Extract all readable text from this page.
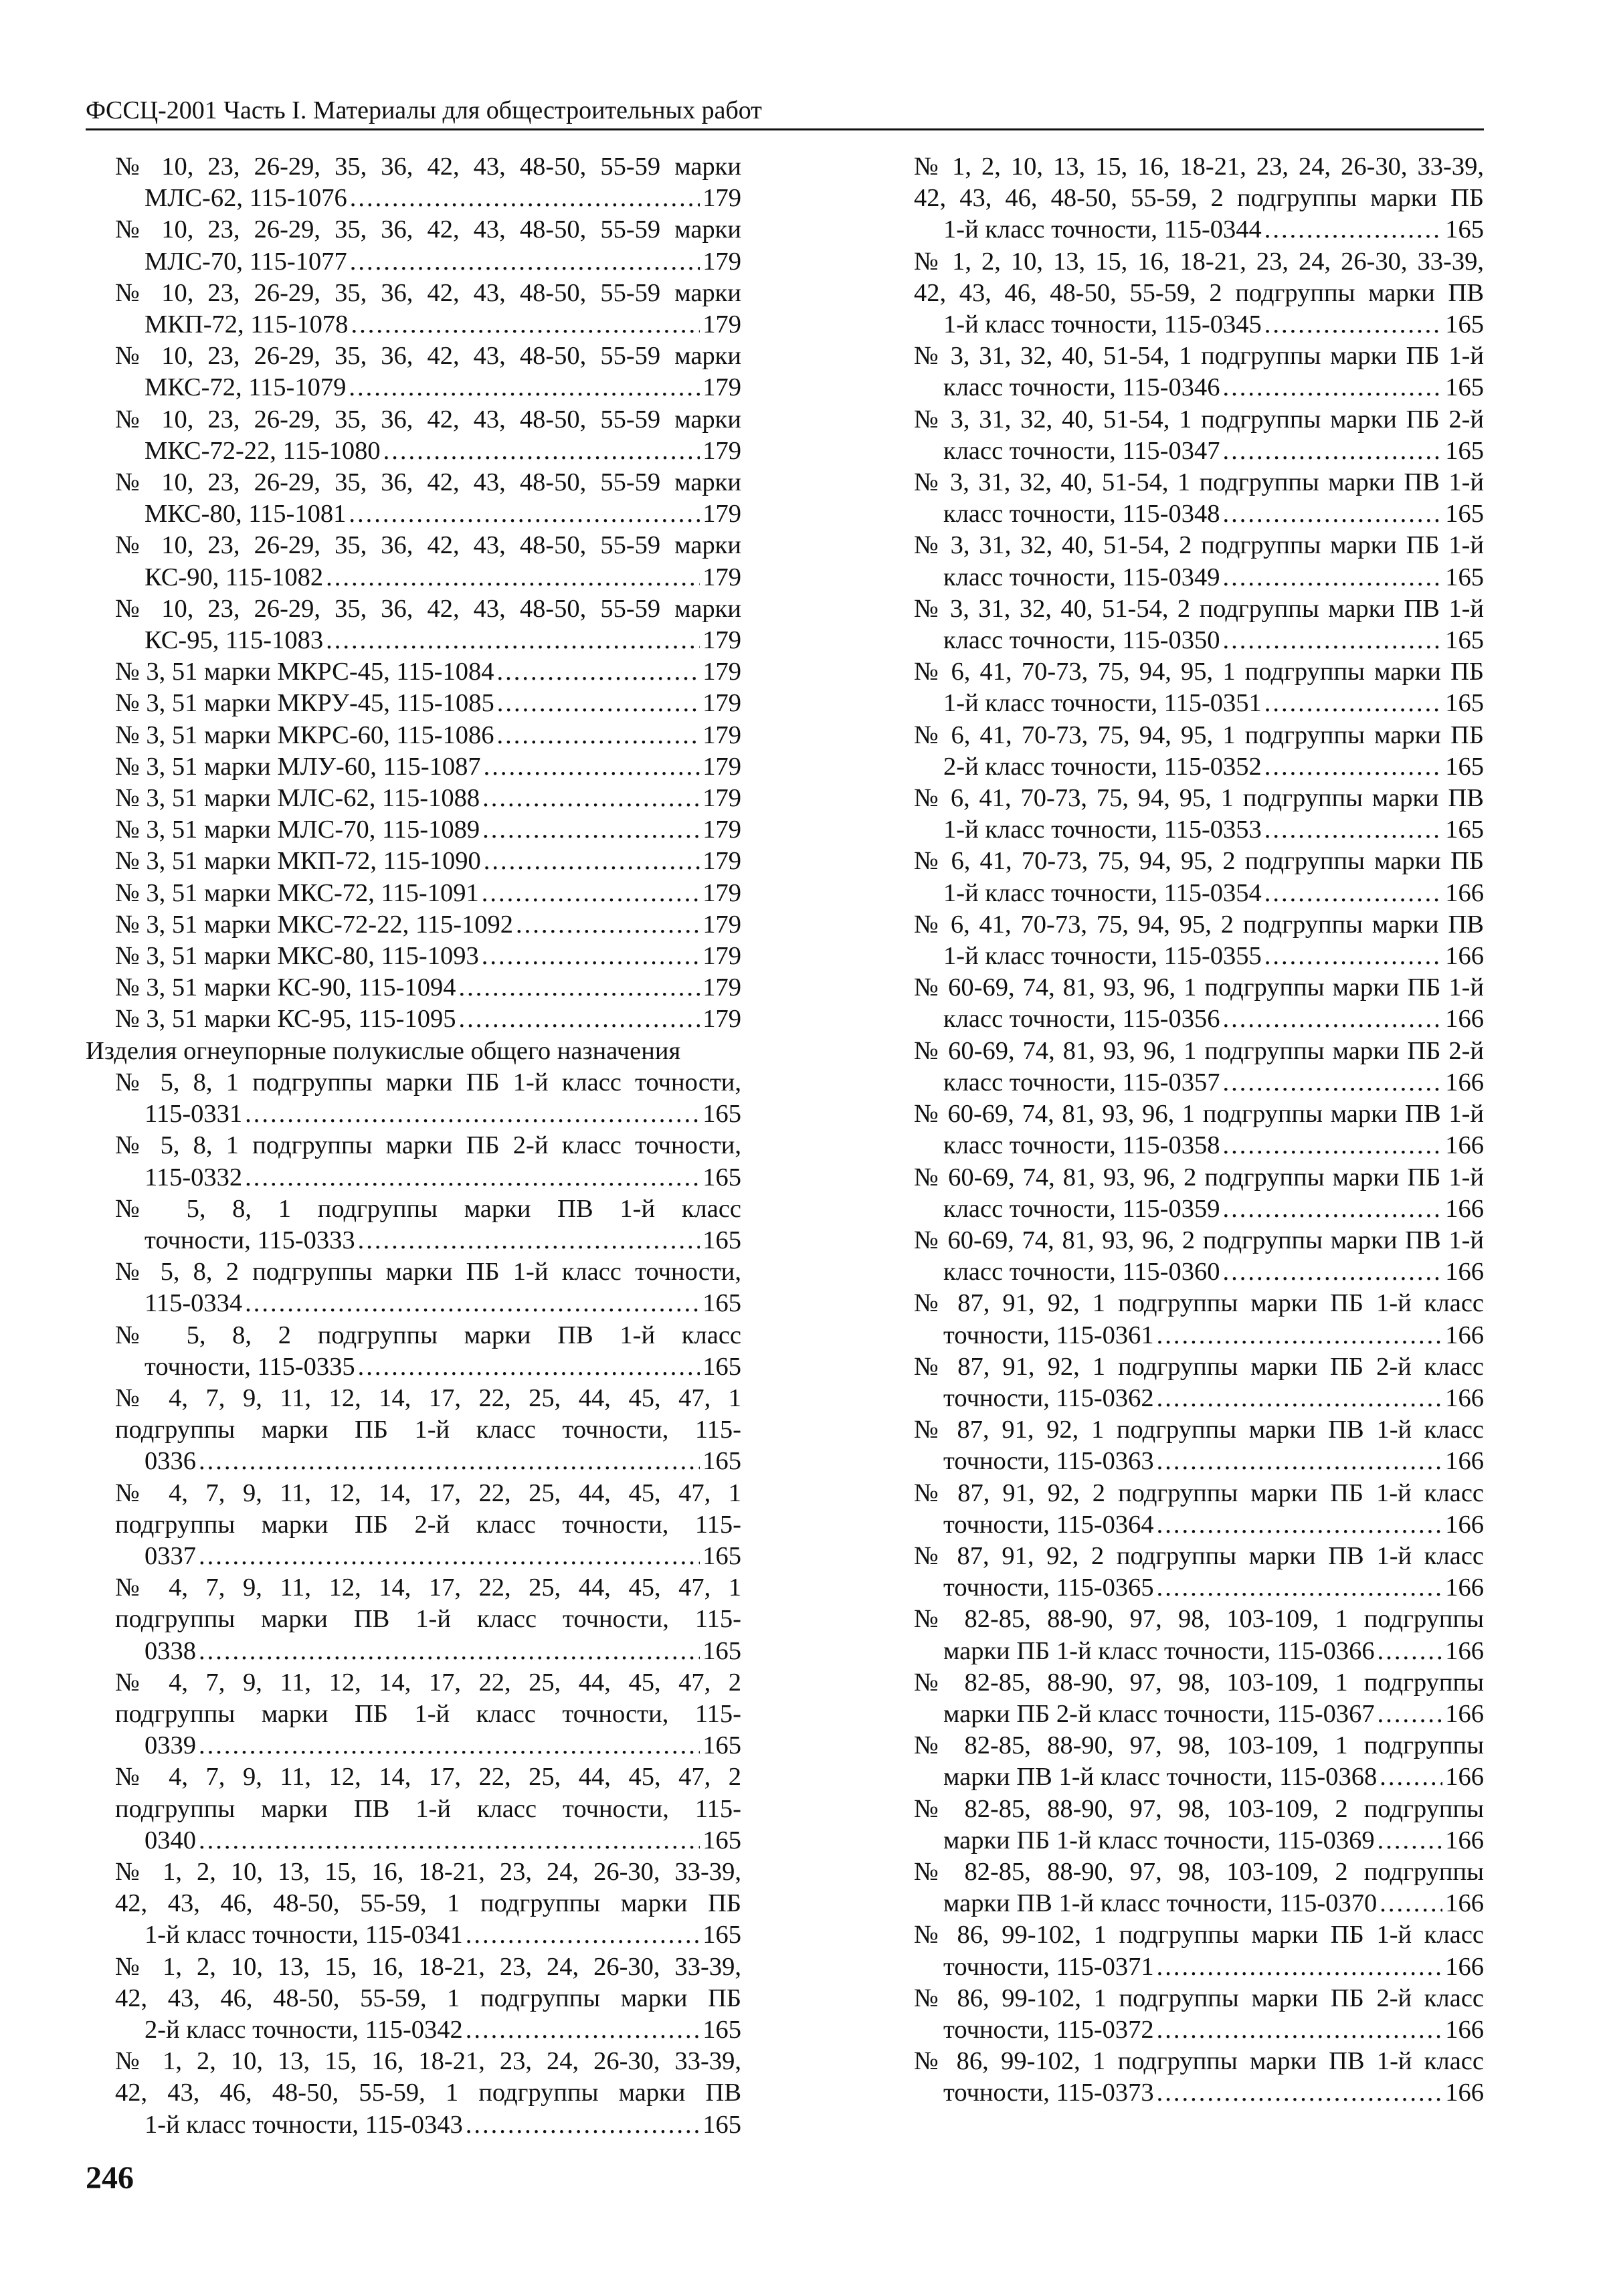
ФССЦ-2001 Часть I. Материалы для общестроительных работ
№ 10, 23, 26-29, 35, 36, 42, 43, 48-50, 55-59 марки
МЛС-62, 115-1076 .....	179
№ 10, 23, 26-29, 35, 36, 42, 43, 48-50, 55-59 марки
МЛС-70, 115-1077 .....	179
№ 10, 23, 26-29, 35, 36, 42, 43, 48-50, 55-59 марки
МКП-72, 115-1078 .....	179
№ 10, 23, 26-29, 35, 36, 42, 43, 48-50, 55-59 марки
МКС-72, 115-1079 .....	179
№ 10, 23, 26-29, 35, 36, 42, 43, 48-50, 55-59 марки
МКС-72-22, 115-1080 .....	179
№ 10, 23, 26-29, 35, 36, 42, 43, 48-50, 55-59 марки
МКС-80, 115-1081 .....	179
№ 10, 23, 26-29, 35, 36, 42, 43, 48-50, 55-59 марки
КС-90, 115-1082 .....	179
№ 10, 23, 26-29, 35, 36, 42, 43, 48-50, 55-59 марки
КС-95, 115-1083 .....	179
№ 3, 51 марки МКРС-45, 115-1084 .....	179
№ 3, 51 марки МКРУ-45, 115-1085 .....	179
№ 3, 51 марки МКРС-60, 115-1086 .....	179
№ 3, 51 марки МЛУ-60, 115-1087 .....	179
№ 3, 51 марки МЛС-62, 115-1088 .....	179
№ 3, 51 марки МЛС-70, 115-1089 .....	179
№ 3, 51 марки МКП-72, 115-1090 .....	179
№ 3, 51 марки МКС-72, 115-1091 .....	179
№ 3, 51 марки МКС-72-22, 115-1092 .....	179
№ 3, 51 марки МКС-80, 115-1093 .....	179
№ 3, 51 марки КС-90, 115-1094 .....	179
№ 3, 51 марки КС-95, 115-1095 .....	179
Изделия огнеупорные полукислые общего назначения
№ 5, 8, 1 подгруппы марки ПБ 1-й класс точности,
115-0331 .....	165
№ 5, 8, 1 подгруппы марки ПБ 2-й класс точности,
115-0332 .....	165
№ 5, 8, 1 подгруппы марки ПВ 1-й класс
точности, 115-0333 .....	165
№ 5, 8, 2 подгруппы марки ПБ 1-й класс точности,
115-0334 .....	165
№ 5, 8, 2 подгруппы марки ПВ 1-й класс
точности, 115-0335 .....	165
№ 4, 7, 9, 11, 12, 14, 17, 22, 25, 44, 45, 47, 1
подгруппы марки ПБ 1-й класс точности, 115-
0336 .....	165
№ 4, 7, 9, 11, 12, 14, 17, 22, 25, 44, 45, 47, 1
подгруппы марки ПБ 2-й класс точности, 115-
0337 .....	165
№ 4, 7, 9, 11, 12, 14, 17, 22, 25, 44, 45, 47, 1
подгруппы марки ПВ 1-й класс точности, 115-
0338 .....	165
№ 4, 7, 9, 11, 12, 14, 17, 22, 25, 44, 45, 47, 2
подгруппы марки ПБ 1-й класс точности, 115-
0339 .....	165
№ 4, 7, 9, 11, 12, 14, 17, 22, 25, 44, 45, 47, 2
подгруппы марки ПВ 1-й класс точности, 115-
0340 .....	165
№ 1, 2, 10, 13, 15, 16, 18-21, 23, 24, 26-30, 33-39,
42, 43, 46, 48-50, 55-59, 1 подгруппы марки ПБ
1-й класс точности, 115-0341 .....	165
№ 1, 2, 10, 13, 15, 16, 18-21, 23, 24, 26-30, 33-39,
42, 43, 46, 48-50, 55-59, 1 подгруппы марки ПБ
2-й класс точности, 115-0342 .....	165
№ 1, 2, 10, 13, 15, 16, 18-21, 23, 24, 26-30, 33-39,
42, 43, 46, 48-50, 55-59, 1 подгруппы марки ПВ
1-й класс точности, 115-0343 .....	165
№ 1, 2, 10, 13, 15, 16, 18-21, 23, 24, 26-30, 33-39,
42, 43, 46, 48-50, 55-59, 2 подгруппы марки ПБ
1-й класс точности, 115-0344 .....	165
№ 1, 2, 10, 13, 15, 16, 18-21, 23, 24, 26-30, 33-39,
42, 43, 46, 48-50, 55-59, 2 подгруппы марки ПВ
1-й класс точности, 115-0345 .....	165
№ 3, 31, 32, 40, 51-54, 1 подгруппы марки ПБ 1-й
класс точности, 115-0346 .....	165
№ 3, 31, 32, 40, 51-54, 1 подгруппы марки ПБ 2-й
класс точности, 115-0347 .....	165
№ 3, 31, 32, 40, 51-54, 1 подгруппы марки ПВ 1-й
класс точности, 115-0348 .....	165
№ 3, 31, 32, 40, 51-54, 2 подгруппы марки ПБ 1-й
класс точности, 115-0349 .....	165
№ 3, 31, 32, 40, 51-54, 2 подгруппы марки ПВ 1-й
класс точности, 115-0350 .....	165
№ 6, 41, 70-73, 75, 94, 95, 1 подгруппы марки ПБ
1-й класс точности, 115-0351 .....	165
№ 6, 41, 70-73, 75, 94, 95, 1 подгруппы марки ПБ
2-й класс точности, 115-0352 .....	165
№ 6, 41, 70-73, 75, 94, 95, 1 подгруппы марки ПВ
1-й класс точности, 115-0353 .....	165
№ 6, 41, 70-73, 75, 94, 95, 2 подгруппы марки ПБ
1-й класс точности, 115-0354 .....	166
№ 6, 41, 70-73, 75, 94, 95, 2 подгруппы марки ПВ
1-й класс точности, 115-0355 .....	166
№ 60-69, 74, 81, 93, 96, 1 подгруппы марки ПБ 1-й
класс точности, 115-0356 .....	166
№ 60-69, 74, 81, 93, 96, 1 подгруппы марки ПБ 2-й
класс точности, 115-0357 .....	166
№ 60-69, 74, 81, 93, 96, 1 подгруппы марки ПВ 1-й
класс точности, 115-0358 .....	166
№ 60-69, 74, 81, 93, 96, 2 подгруппы марки ПБ 1-й
класс точности, 115-0359 .....	166
№ 60-69, 74, 81, 93, 96, 2 подгруппы марки ПВ 1-й
класс точности, 115-0360 .....	166
№ 87, 91, 92, 1 подгруппы марки ПБ 1-й класс
точности, 115-0361 .....	166
№ 87, 91, 92, 1 подгруппы марки ПБ 2-й класс
точности, 115-0362 .....	166
№ 87, 91, 92, 1 подгруппы марки ПВ 1-й класс
точности, 115-0363 .....	166
№ 87, 91, 92, 2 подгруппы марки ПБ 1-й класс
точности, 115-0364 .....	166
№ 87, 91, 92, 2 подгруппы марки ПВ 1-й класс
точности, 115-0365 .....	166
№ 82-85, 88-90, 97, 98, 103-109, 1 подгруппы
марки ПБ 1-й класс точности, 115-0366 .....	166
№ 82-85, 88-90, 97, 98, 103-109, 1 подгруппы
марки ПБ 2-й класс точности, 115-0367 .....	166
№ 82-85, 88-90, 97, 98, 103-109, 1 подгруппы
марки ПВ 1-й класс точности, 115-0368 .....	166
№ 82-85, 88-90, 97, 98, 103-109, 2 подгруппы
марки ПБ 1-й класс точности, 115-0369 .....	166
№ 82-85, 88-90, 97, 98, 103-109, 2 подгруппы
марки ПВ 1-й класс точности, 115-0370 .....	166
№ 86, 99-102, 1 подгруппы марки ПБ 1-й класс
точности, 115-0371 .....	166
№ 86, 99-102, 1 подгруппы марки ПБ 2-й класс
точности, 115-0372 .....	166
№ 86, 99-102, 1 подгруппы марки ПВ 1-й класс
точности, 115-0373 .....	166
246
